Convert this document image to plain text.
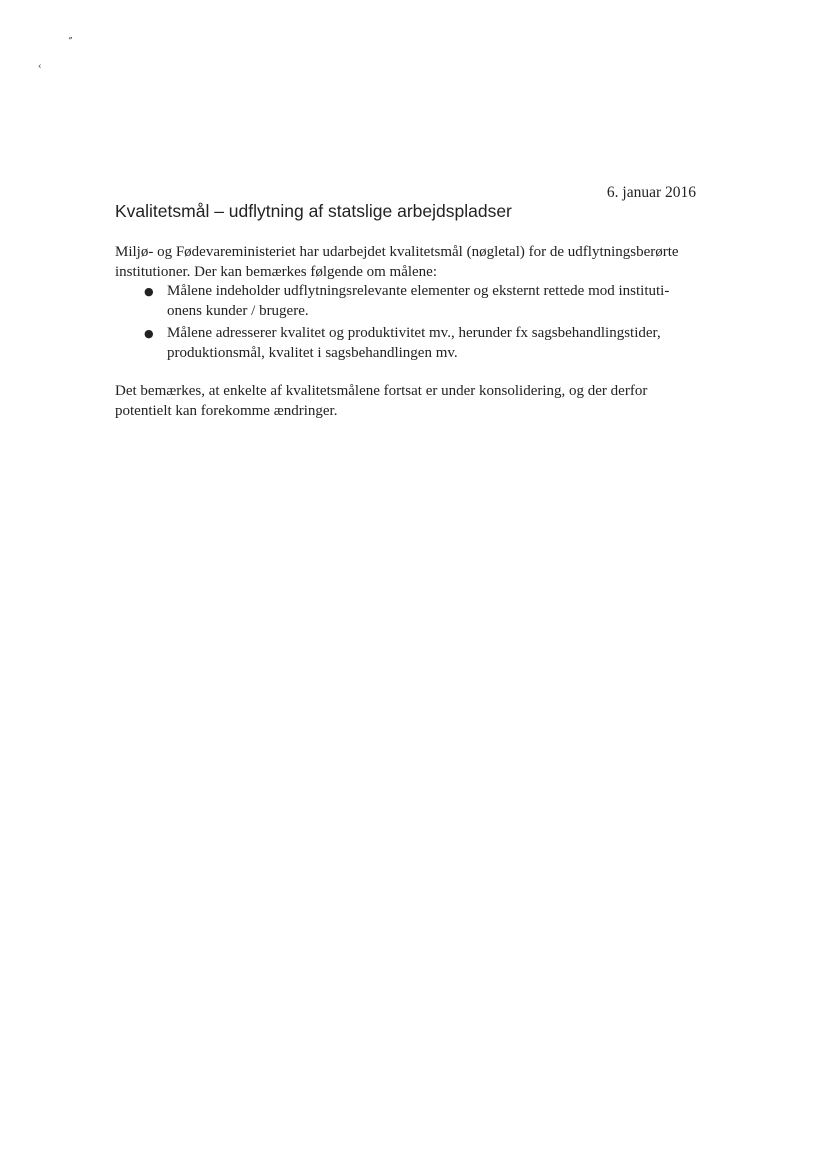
ˮ
‹
6. januar 2016
Kvalitetsmål – udflytning af statslige arbejdspladser

Miljø- og Fødevareministeriet har udarbejdet kvalitetsmål (nøgletal) for de udflytningsberørte
institutioner. Der kan bemærkes følgende om målene:

● Målene indeholder udflytningsrelevante elementer og eksternt rettede mod instituti-
onens kunder / brugere.
● Målene adresserer kvalitet og produktivitet mv., herunder fx sagsbehandlingstider,
produktionsmål, kvalitet i sagsbehandlingen mv.

Det bemærkes, at enkelte af kvalitetsmålene fortsat er under konsolidering, og der derfor
potentielt kan forekomme ændringer.
